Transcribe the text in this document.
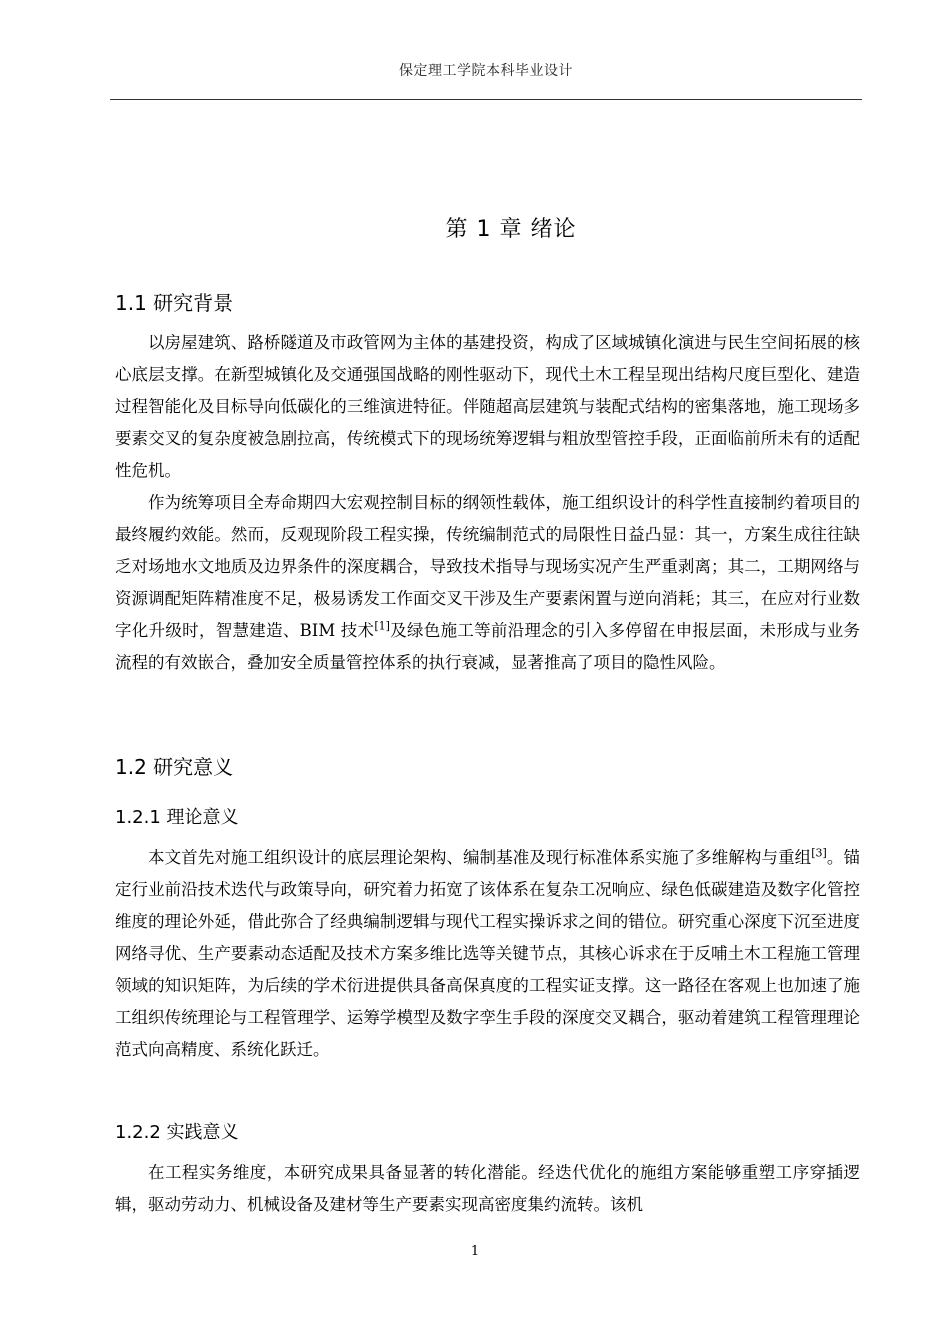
保定理工学院本科毕业设计
第 1 章 绪论
1.1 研究背景

以房屋建筑、路桥隧道及市政管网为主体的基建投资，构成了区域城镇化演进与民生空间拓展的核心底层支撑。在新型城镇化及交通强国战略的刚性驱动下，现代土木工程呈现出结构尺度巨型化、建造过程智能化及目标导向低碳化的三维演进特征。伴随超高层建筑与装配式结构的密集落地，施工现场多要素交叉的复杂度被急剧拉高，传统模式下的现场统筹逻辑与粗放型管控手段，正面临前所未有的适配性危机。

作为统筹项目全寿命期四大宏观控制目标的纲领性载体，施工组织设计的科学性直接制约着项目的最终履约效能。然而，反观现阶段工程实操，传统编制范式的局限性日益凸显：其一，方案生成往往缺乏对场地水文地质及边界条件的深度耦合，导致技术指导与现场实况产生严重剥离；其二，工期网络与资源调配矩阵精准度不足，极易诱发工作面交叉干涉及生产要素闲置与逆向消耗；其三，在应对行业数字化升级时，智慧建造、BIM 技术[1]及绿色施工等前沿理念的引入多停留在申报层面，未形成与业务流程的有效嵌合，叠加安全质量管控体系的执行衰减，显著推高了项目的隐性风险。

1.2 研究意义
1.2.1 理论意义

本文首先对施工组织设计的底层理论架构、编制基准及现行标准体系实施了多维解构与重组[3]。锚定行业前沿技术迭代与政策导向，研究着力拓宽了该体系在复杂工况响应、绿色低碳建造及数字化管控维度的理论外延，借此弥合了经典编制逻辑与现代工程实操诉求之间的错位。研究重心深度下沉至进度网络寻优、生产要素动态适配及技术方案多维比选等关键节点，其核心诉求在于反哺土木工程施工管理领域的知识矩阵，为后续的学术衍进提供具备高保真度的工程实证支撑。这一路径在客观上也加速了施工组织传统理论与工程管理学、运筹学模型及数字孪生手段的深度交叉耦合，驱动着建筑工程管理理论范式向高精度、系统化跃迁。

1.2.2 实践意义

在工程实务维度，本研究成果具备显著的转化潜能。经迭代优化的施组方案能够重塑工序穿插逻辑，驱动劳动力、机械设备及建材等生产要素实现高密度集约流转。该机

1
